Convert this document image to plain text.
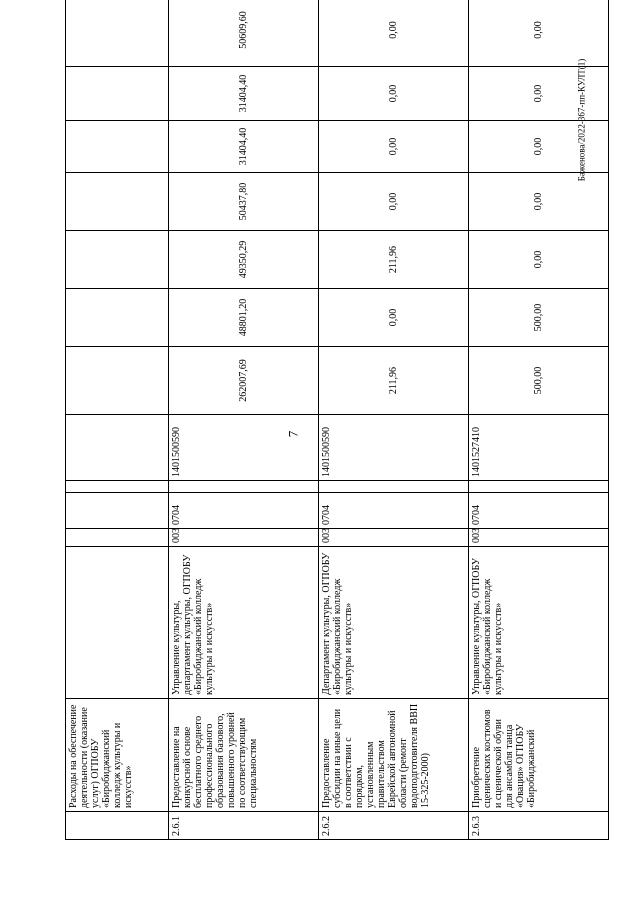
7
Баженова/2022-367-пп-КУЛТ(1)
	Расходы на обеспечение деятельности (оказание услуг) ОГПОБУ «Биробиджанский колледж культуры и искусств»												
2.6.1	Предоставление на конкурсной основе бесплатного среднего профессионального образования базового, повышенного уровней по соответствующим специальностям	Управление культуры, департамент культуры, ОГПОБУ «Биробиджанский колледж культуры и искусств»	003	0704		1401500590	262007,69	48801,20	49350,29	50437,80	31404,40	31404,40	50609,60
2.6.2	Предоставление субсидии на иные цели в соответствии с порядком, установленным правительством Еврейской автономной области (ремонт водоподготовителя ВВП 15-325-2000)	Департамент культуры, ОГПОБУ «Биробиджанский колледж культуры и искусств»	003	0704		1401500590	211,96	0,00	211,96	0,00	0,00	0,00	0,00
2.6.3	Приобретение сценических костюмов и сценической обуви для ансамбля танца «Овация» ОГПОБУ «Биробиджанский	Управление культуры, ОГПОБУ «Биробиджанский колледж культуры и искусств»	003	0704		1401527410	500,00	500,00	0,00	0,00	0,00	0,00	0,00
